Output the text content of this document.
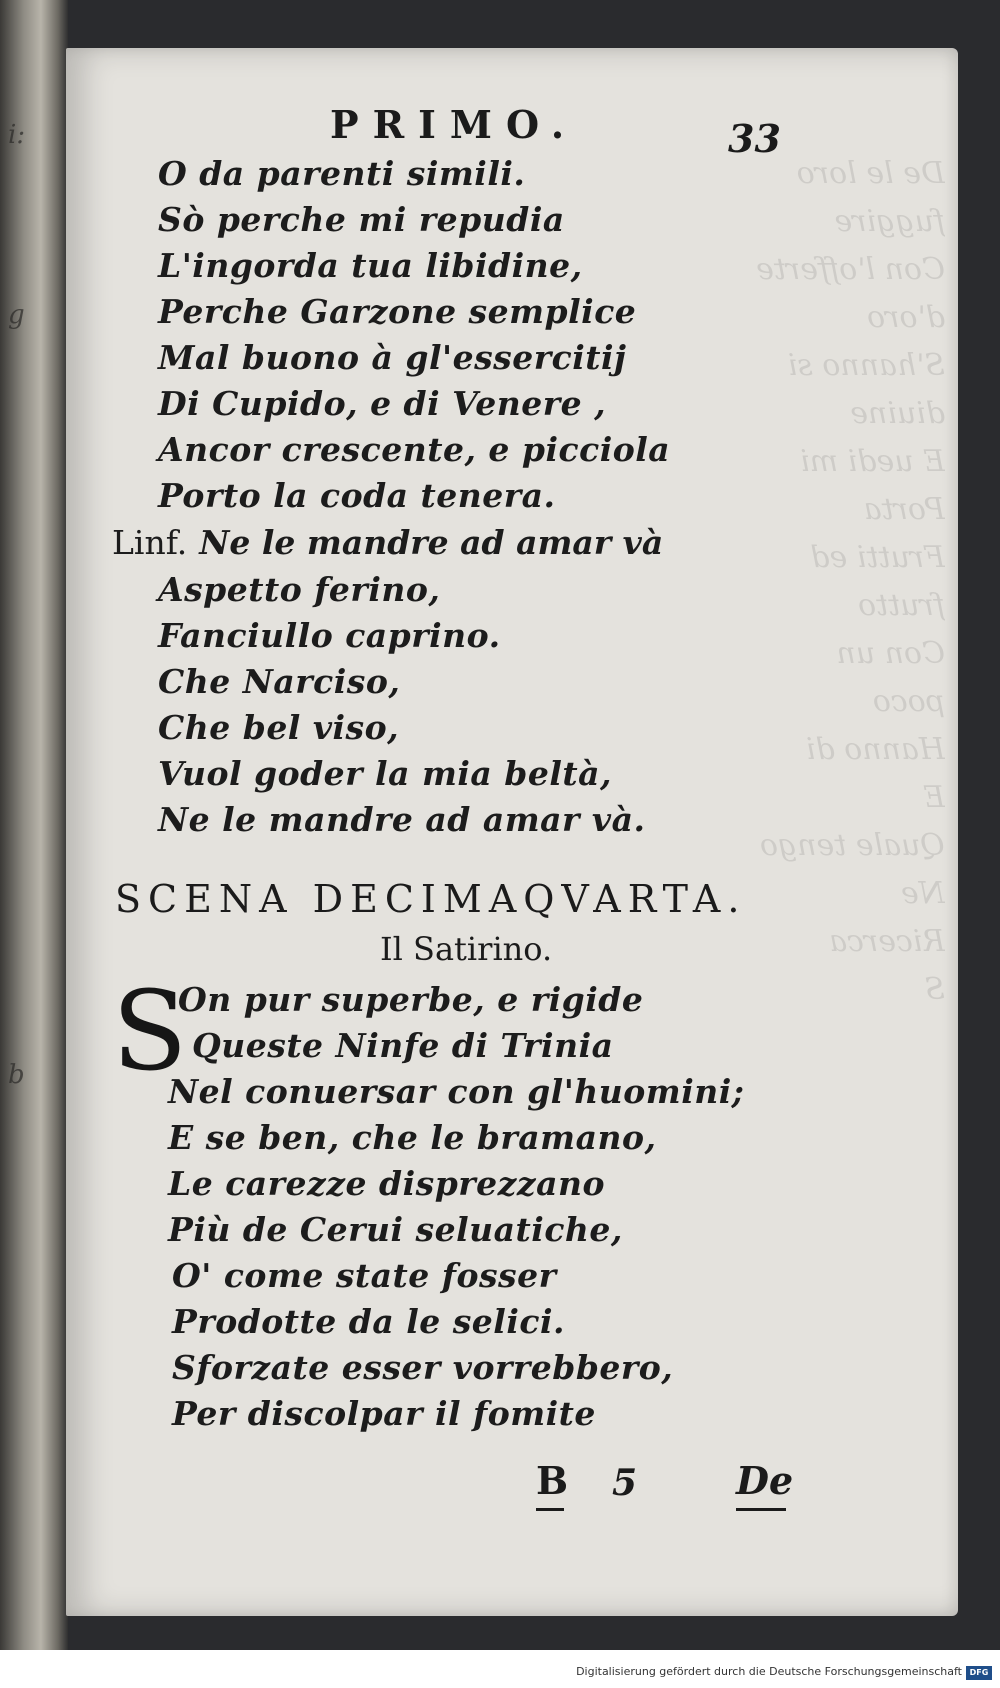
i:
g
b

PRIMO.	33
O da parenti simili.
Sò perche mi repudia
L'ingorda tua libidine,
Perche Garzone semplice
Mal buono à gl'essercitij
Di Cupido, e di Venere ,
Ancor crescente, e picciola
Porto la coda tenera.
Linf. Ne le mandre ad amar và
Aspetto ferino,
Fanciullo caprino.
Che Narciso,
Che bel viso,
Vuol goder la mia beltà,
Ne le mandre ad amar và.
SCENA DECIMAQVARTA.
Il Satirino.
S
On pur superbe, e rigide
Queste Ninfe di Trinia
Nel conuersar con gl'huomini;
E se ben, che le bramano,
Le carezze disprezzano
Più de Cerui seluatiche,
O' come state fosser
Prodotte da le selici.
Sforzate esser vorrebbero,
Per discolpar il fomite
B 5	De
Digitalisierung gefördert durch die Deutsche Forschungsgemeinschaft DFG
